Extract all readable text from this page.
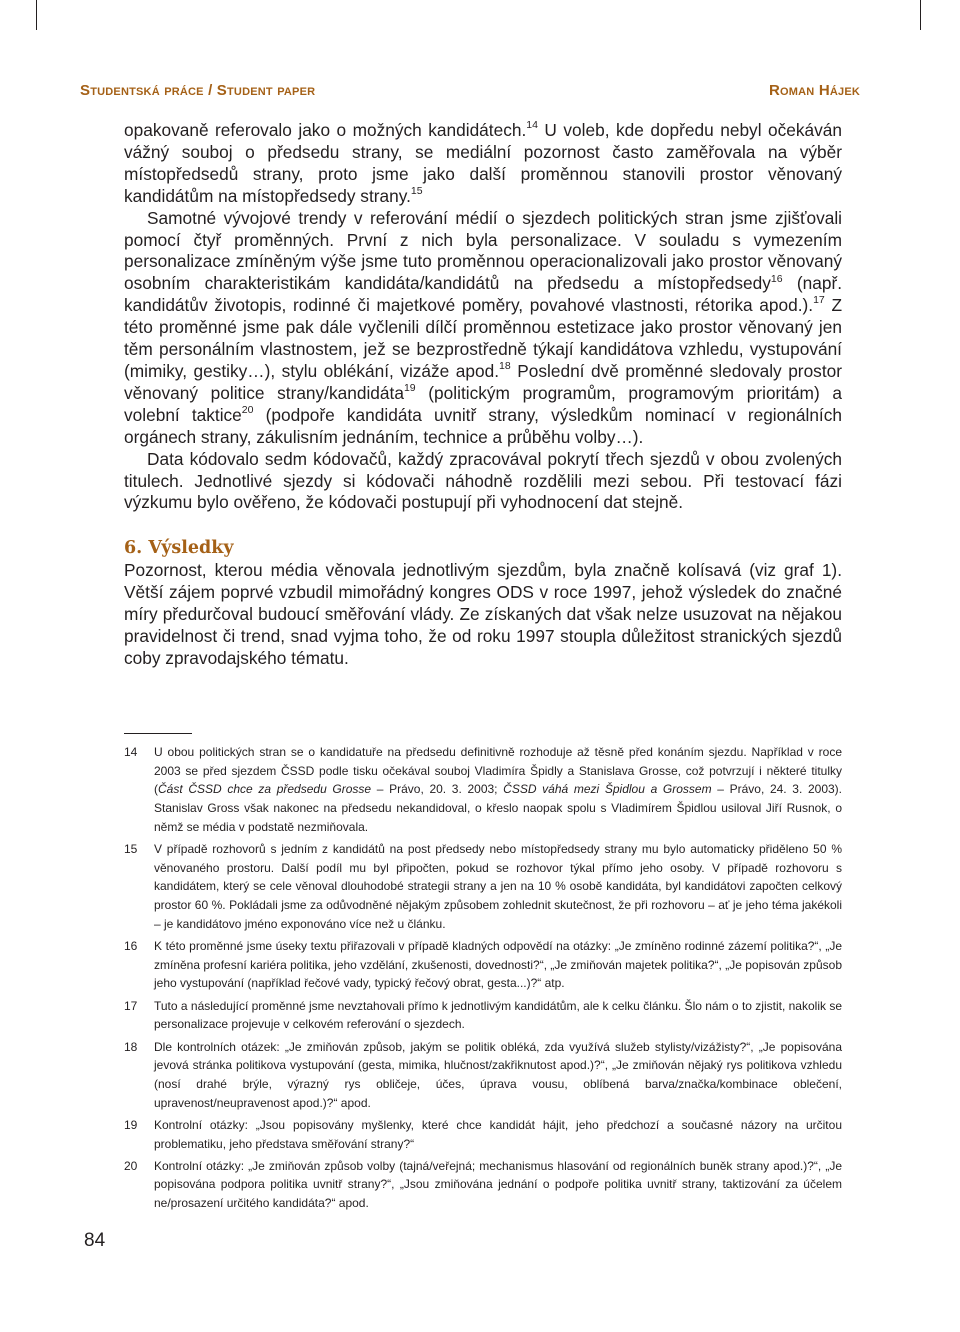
Studentská práce / Student paper	Roman Hájek

opakovaně referovalo jako o možných kandidátech.$^{14}$ U voleb, kde dopředu nebyl očekáván vážný souboj o předsedu strany, se mediální pozornost často zaměřovala na výběr místopředsedů strany, proto jsme jako další proměnnou stanovili prostor věnovaný kandidátům na místopředsedy strany.$^{15}$

Samotné vývojové trendy v referování médií o sjezdech politických stran jsme zjišťovali pomocí čtyř proměnných. První z nich byla personalizace. V souladu s vymezením personalizace zmíněným výše jsme tuto proměnnou operacionalizovali jako prostor věnovaný osobním charakteristikám kandidáta/kandidátů na předsedu a místopředsedy$^{16}$ (např. kandidátův životopis, rodinné či majetkové poměry, povahové vlastnosti, rétorika apod.).$^{17}$ Z této proměnné jsme pak dále vyčlenili dílčí proměnnou estetizace jako prostor věnovaný jen těm personálním vlastnostem, jež se bezprostředně týkají kandidátova vzhledu, vystupování (mimiky, gestiky…), stylu oblékání, vizáže apod.$^{18}$ Poslední dvě proměnné sledovaly prostor věnovaný politice strany/kandidáta$^{19}$ (politickým programům, programovým prioritám) a volební taktice$^{20}$ (podpoře kandidáta uvnitř strany, výsledkům nominací v regionálních orgánech strany, zákulisním jednáním, technice a průběhu volby…).

Data kódovalo sedm kódovačů, každý zpracovával pokrytí třech sjezdů v obou zvolených titulech. Jednotlivé sjezdy si kódovači náhodně rozdělili mezi sebou. Při testovací fázi výzkumu bylo ověřeno, že kódovači postupují při vyhodnocení dat stejně.

6. Výsledky

Pozornost, kterou média věnovala jednotlivým sjezdům, byla značně kolísavá (viz graf 1). Větší zájem poprvé vzbudil mimořádný kongres ODS v roce 1997, jehož výsledek do značné míry předurčoval budoucí směřování vlády. Ze získaných dat však nelze usuzovat na nějakou pravidelnost či trend, snad vyjma toho, že od roku 1997 stoupla důležitost stranických sjezdů coby zpravodajského tématu.

14 U obou politických stran se o kandidatuře na předsedu definitivně rozhoduje až těsně před konáním sjezdu. Například v roce 2003 se před sjezdem ČSSD podle tisku očekával souboj Vladimíra Špidly a Stanislava Grosse, což potvrzují i některé titulky (Část ČSSD chce za předsedu Grosse – Právo, 20. 3. 2003; ČSSD váhá mezi Špidlou a Grossem – Právo, 24. 3. 2003). Stanislav Gross však nakonec na předsedu nekandidoval, o křeslo naopak spolu s Vladimírem Špidlou usiloval Jiří Rusnok, o němž se média v podstatě nezmiňovala.
15 V případě rozhovorů s jedním z kandidátů na post předsedy nebo místopředsedy strany mu bylo automaticky přiděleno 50 % věnovaného prostoru. Další podíl mu byl připočten, pokud se rozhovor týkal přímo jeho osoby. V případě rozhovoru s kandidátem, který se cele věnoval dlouhodobé strategii strany a jen na 10 % osobě kandidáta, byl kandidátovi započten celkový prostor 60 %. Pokládali jsme za odůvodněné nějakým způsobem zohlednit skutečnost, že při rozhovoru – ať je jeho téma jakékoli – je kandidátovo jméno exponováno více než u článku.
16 K této proměnné jsme úseky textu přiřazovali v případě kladných odpovědí na otázky: „Je zmíněno rodinné zázemí politika?“, „Je zmíněna profesní kariéra politika, jeho vzdělání, zkušenosti, dovednosti?“, „Je zmiňován majetek politika?“, „Je popisován způsob jeho vystupování (například řečové vady, typický řečový obrat, gesta...)?“ atp.
17 Tuto a následující proměnné jsme nevztahovali přímo k jednotlivým kandidátům, ale k celku článku. Šlo nám o to zjistit, nakolik se personalizace projevuje v celkovém referování o sjezdech.
18 Dle kontrolních otázek: „Je zmiňován způsob, jakým se politik obléká, zda využívá služeb stylisty/vizážisty?“, „Je popisována jevová stránka politikova vystupování (gesta, mimika, hlučnost/zakřiknutost apod.)?“, „Je zmiňován nějaký rys politikova vzhledu (nosí drahé brýle, výrazný rys obličeje, účes, úprava vousu, oblíbená barva/značka/kombinace oblečení, upravenost/neupravenost apod.)?“ apod.
19 Kontrolní otázky: „Jsou popisovány myšlenky, které chce kandidát hájit, jeho předchozí a současné názory na určitou problematiku, jeho představa směřování strany?“
20 Kontrolní otázky: „Je zmiňován způsob volby (tajná/veřejná; mechanismus hlasování od regionálních buněk strany apod.)?“, „Je popisována podpora politika uvnitř strany?“, „Jsou zmiňována jednání o podpoře politika uvnitř strany, taktizování za účelem ne/prosazení určitého kandidáta?“ apod.
84
